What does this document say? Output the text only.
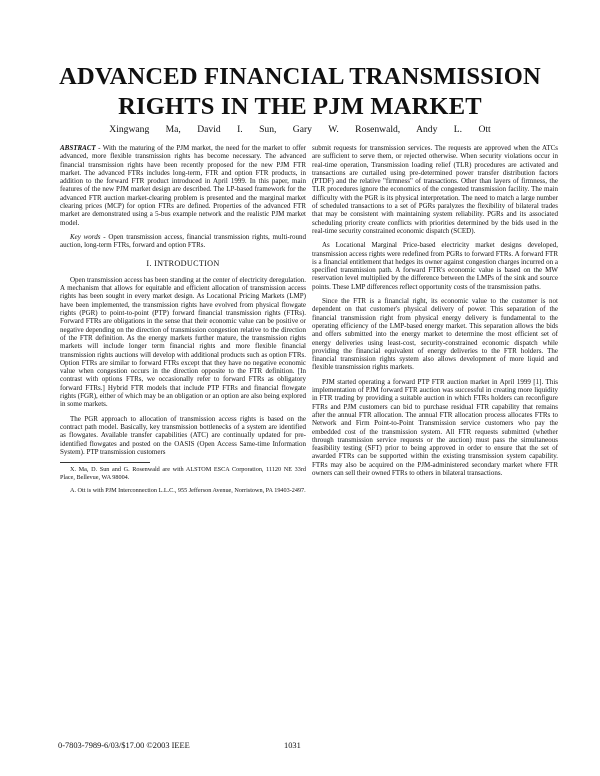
ADVANCED FINANCIAL TRANSMISSION
RIGHTS IN THE PJM MARKET
Xingwang Ma, David I. Sun, Gary W. Rosenwald, Andy L. Ott

ABSTRACT - With the maturing of the PJM market, the need for the market to offer advanced, more flexible transmission rights has become necessary. The advanced financial transmission rights have been recently proposed for the new PJM FTR market. The advanced FTRs includes long-term, FTR and option FTR products, in addition to the forward FTR product introduced in April 1999. In this paper, main features of the new PJM market design are described. The LP-based framework for the advanced FTR auction market-clearing problem is presented and the marginal market clearing prices (MCP) for option FTRs are defined. Properties of the advanced FTR market are demonstrated using a 5-bus example network and the realistic PJM market model.

Key words - Open transmission access, financial transmission rights, multi-round auction, long-term FTRs, forward and option FTRs.

I. INTRODUCTION

Open transmission access has been standing at the center of electricity deregulation. A mechanism that allows for equitable and efficient allocation of transmission access rights has been sought in every market design. As Locational Pricing Markets (LMP) have been implemented, the transmission rights have evolved from physical flowgate rights (PGR) to point-to-point (PTP) forward financial transmission rights (FTRs). Forward FTRs are obligations in the sense that their economic value can be positive or negative depending on the direction of transmission congestion relative to the direction of the FTR definition. As the energy markets further mature, the transmission rights markets will include longer term financial rights and more flexible financial transmission rights auctions will develop with additional products such as option FTRs. Option FTRs are similar to forward FTRs except that they have no negative economic value when congestion occurs in the direction opposite to the FTR definition. [In contrast with options FTRs, we occasionally refer to forward FTRs as obligatory forward FTRs.] Hybrid FTR models that include PTP FTRs and financial flowgate rights (FGR), either of which may be an obligation or an option are also being explored in some markets.

The PGR approach to allocation of transmission access rights is based on the contract path model. Basically, key transmission bottlenecks of a system are identified as flowgates. Available transfer capabilities (ATC) are continually updated for pre-identified flowgates and posted on the OASIS (Open Access Same-time Information System). PTP transmission customers

X. Ma, D. Sun and G. Rosenwald are with ALSTOM ESCA Corporation, 11120 NE 33rd Place, Bellevue, WA 98004.

A. Ott is with PJM Interconnection L.L.C., 955 Jefferson Avenue, Norristown, PA 19403-2497.

submit requests for transmission services. The requests are approved when the ATCs are sufficient to serve them, or rejected otherwise. When security violations occur in real-time operation, Transmission loading relief (TLR) procedures are activated and transactions are curtailed using pre-determined power transfer distribution factors (PTDF) and the relative "firmness" of transactions. Other than layers of firmness, the TLR procedures ignore the economics of the congested transmission facility. The main difficulty with the PGR is its physical interpretation. The need to match a large number of scheduled transactions to a set of PGRs paralyzes the flexibility of bilateral trades that may be consistent with maintaining system reliability. PGRs and its associated scheduling priority create conflicts with priorities determined by the bids used in the real-time security constrained economic dispatch (SCED).

As Locational Marginal Price-based electricity market designs developed, transmission access rights were redefined from PGRs to forward FTRs. A forward FTR is a financial entitlement that hedges its owner against congestion charges incurred on a specified transmission path. A forward FTR's economic value is based on the MW reservation level multiplied by the difference between the LMPs of the sink and source points. These LMP differences reflect opportunity costs of the transmission paths.

Since the FTR is a financial right, its economic value to the customer is not dependent on that customer's physical delivery of power. This separation of the financial transmission right from physical energy delivery is fundamental to the operating efficiency of the LMP-based energy market. This separation allows the bids and offers submitted into the energy market to determine the most efficient set of energy deliveries using least-cost, security-constrained economic dispatch while providing the financial equivalent of energy deliveries to the FTR holders. The financial transmission rights system also allows development of more liquid and flexible transmission rights markets.

PJM started operating a forward PTP FTR auction market in April 1999 [1]. This implementation of PJM forward FTR auction was successful in creating more liquidity in FTR trading by providing a suitable auction in which FTRs holders can reconfigure FTRs and PJM customers can bid to purchase residual FTR capability that remains after the annual FTR allocation. The annual FTR allocation process allocates FTRs to Network and Firm Point-to-Point Transmission service customers who pay the embedded cost of the transmission system. All FTR requests submitted (whether through transmission service requests or the auction) must pass the simultaneous feasibility testing (SFT) prior to being approved in order to ensure that the set of awarded FTRs can be supported within the existing transmission system capability. FTRs may also be acquired on the PJM-administered secondary market where FTR owners can sell their owned FTRs to others in bilateral transactions.

0-7803-7989-6/03/$17.00 ©2003 IEEE	1031
